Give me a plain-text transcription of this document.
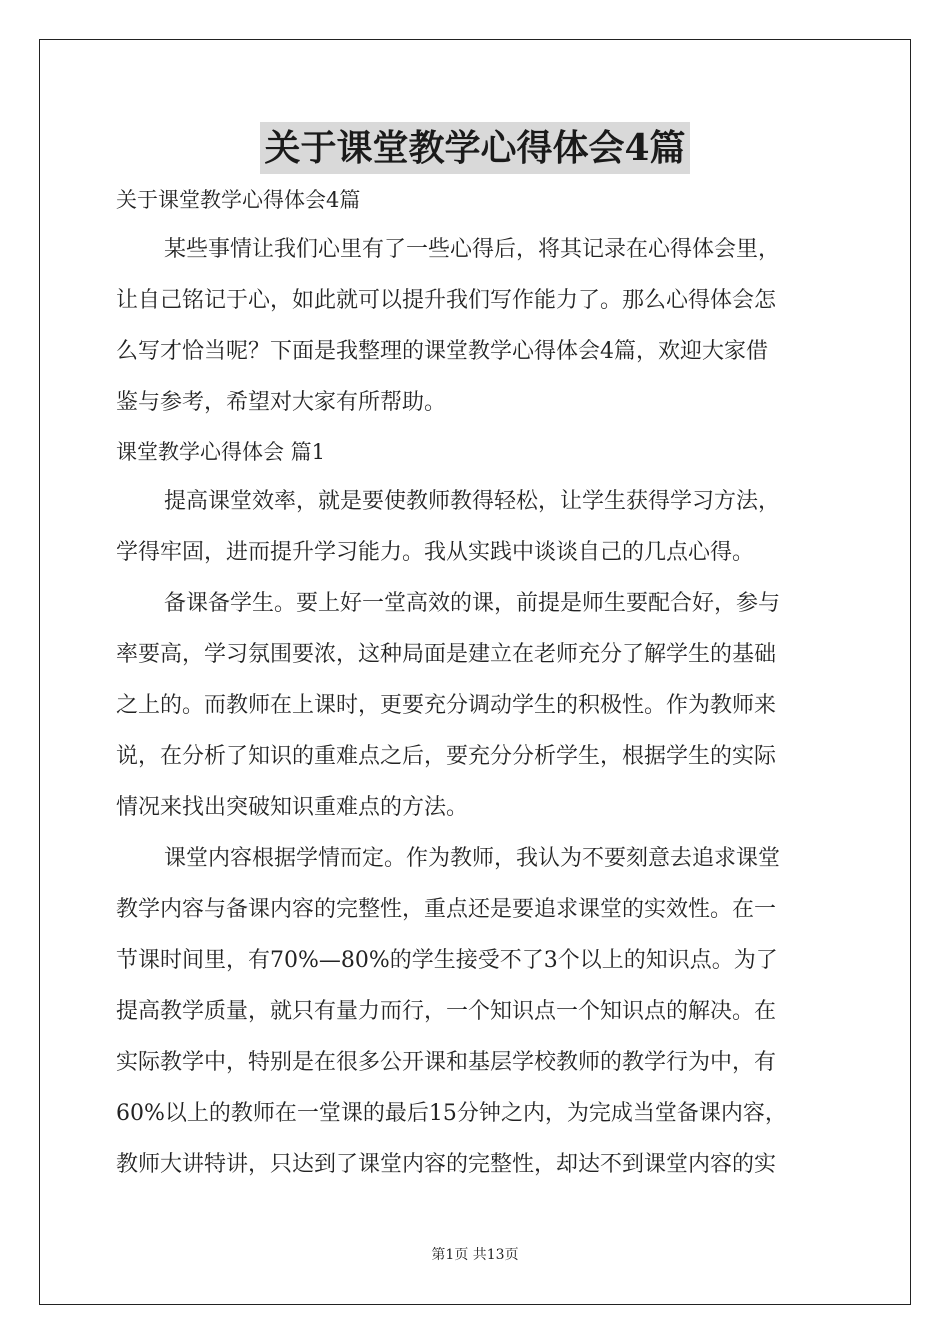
关于课堂教学心得体会4篇
关于课堂教学心得体会4篇
某些事情让我们心里有了一些心得后，将其记录在心得体会里，
让自己铭记于心，如此就可以提升我们写作能力了。那么心得体会怎
么写才恰当呢？下面是我整理的课堂教学心得体会4篇，欢迎大家借
鉴与参考，希望对大家有所帮助。
课堂教学心得体会 篇1
提高课堂效率，就是要使教师教得轻松，让学生获得学习方法，
学得牢固，进而提升学习能力。我从实践中谈谈自己的几点心得。
备课备学生。要上好一堂高效的课，前提是师生要配合好，参与
率要高，学习氛围要浓，这种局面是建立在老师充分了解学生的基础
之上的。而教师在上课时，更要充分调动学生的积极性。作为教师来
说，在分析了知识的重难点之后，要充分分析学生，根据学生的实际
情况来找出突破知识重难点的方法。
课堂内容根据学情而定。作为教师，我认为不要刻意去追求课堂
教学内容与备课内容的完整性，重点还是要追求课堂的实效性。在一
节课时间里，有70%—80%的学生接受不了3个以上的知识点。为了
提高教学质量，就只有量力而行，一个知识点一个知识点的解决。在
实际教学中，特别是在很多公开课和基层学校教师的教学行为中，有
60%以上的教师在一堂课的最后15分钟之内，为完成当堂备课内容，
教师大讲特讲，只达到了课堂内容的完整性，却达不到课堂内容的实
第1页 共13页
